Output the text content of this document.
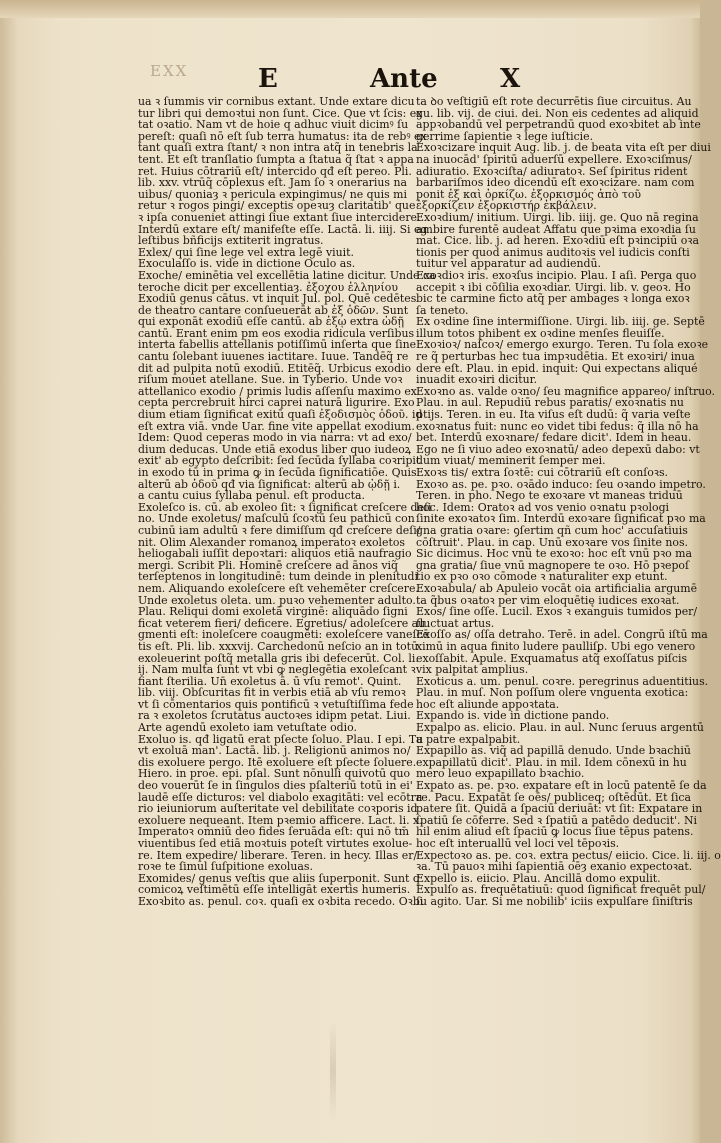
EXX	E	Ante X
ua ꝛ ſummis vir cornibus extant. Unde extare dicu
tur libri qui demoꝛtui non ſunt. Cice. Que vt ſcis: ex
tat oꝛatio. Nam vt de hoie q adhuc viuit dicimꝰ ſu
pereſt: quaſi nō eſt ſub terra humatus: ita de rebꝰ ex
tant quaſi extra ſtant/ ꝛ non intra atq̃ in tenebris la
tent. Et eſt tranſlatio ſumpta a ſtatua q̃ ſtat ꝛ appa
ret. Huius cōtrariū eſt/ intercido qđ eſt pereo. Pli.
lib. xxv. vtrūq̃ cōplexus eſt. Jam ſo ꝛ onerarius na
uibus/ quoniaȝ ꝛ pericula expingimus/ ne quis mi
retur ꝛ rogos pingi/ exceptis opeꝛuȝ claritatib' que
ꝛ ipſa conueniet attingi ſiue extant ſiue intercidere.
Interdū extare eſt/ manifeſte eſſe. Lactā. li. iiij. Si eg
leſtibus bñficijs extiterit ingratus.
Exlex/ qui ſine lege vel extra legē viuit.
Exoculaſſo is. vide in dictione Oculo as.
Exoche/ eminētia vel excellētia latine dicitur. Unde ca
teroche dicit per excellentiaȝ. ἐξοχου ἐλληνίου
Exodiū genus cātus. vt inquit Jul. pol. Quē cedētes
de theatro cantare conſueuerāt ab ἐξ ὁδῶν. Sunt
qui exponāt exodiū eſſe cantū. ab ἐξῳ extra ὠδῇ
cantū. Erant enim pm eos exodia ridicula verſibus
interta fabellis attellanis potiſſimū inſerta que ſine
cantu ſolebant iuuenes iactitare. Iuue. Tandēq̃ re
dit ad pulpita notū exodiū. Etitēq̃. Urbicus exodio
riſum mouet atellane. Sue. in Tyberio. Unde voꝛ
attellanico exodio / primis ludis aſſenſu maximo ex
cepta percrebruit hirci caprei naturā ligurire. Exo
dium etiam ſignificat exitū quaſi ἐξοδισμὸς ὁδοῦ. id
eſt extra viā. vnde Uar. fine vite appellat exodium.
Idem: Quod ceperas modo in via narra: vt ad exo/
dium deducas. Unde etiā exodus liber quo iudeoꝝ
exit' ab egypto deſcribit: ſed ſecūda ſyllaba coꝛripit
in exodo tū in prima ꝙ in ſecūda ſignificatiōe. Quis
alterū ab ὁδοῦ qđ via ſignificat: alterū ab ᾠδῇ i.
a cantu cuius ſyllaba penul. eſt producta.
Exoleſco is. cū. ab exoleo ſit: ꝛ ſignificat creſcere deſi
no. Unde exoletus/ maſculū ſcoꝛtū ſeu pathicū con
cubinū iam adultū ꝛ fere dimiſſum qđ creſcere deſi/
nit. Olim Alexander romanoꝝ imperatoꝛ exoletos
heliogabali iuſſit depoꝛtari: aliquos etiā naufragio
mergi. Scribit Pli. Hominē creſcere ad ānos viq̃
terſeptenos in longitudinē: tum deinde in plenitudi
nem. Aliquando exoleſcere eſt vehemēter creſcere.
Unde exoletus oleta. um. puꝛo vehementer adulto.
Plau. Reliqui domi exoletā virginē: aliquādo ſigni
ficat veterem fieri/ deficere. Egretius/ adoleſcere au
gmenti eſt: inoleſcere coaugmēti: exoleſcere vaneſcē
tis eſt. Pli. lib. xxxvij. Carchedonū neſcio an in totū
exoleuerint poſtq̃ metalla gris ibi defecerūt. Col. li.
ij. Nam multa ſunt vt vbi ꝙ neglegētia exoleſcant ꝛ
fiant ſterilia. Un̄ exoletus ā. ū vſu remot'. Quint.
lib. viij. Obſcuritas fit in verbis etiā ab vſu remoꝛ
vt ſi cōmentarios quis pontificū ꝛ vetuſtiſſima fede
ra ꝛ exoletos ſcrutatus auctoꝛes idipm petat. Liui.
Arte agendū exoleto iam vetuſtate odio.
Exoluo is. qđ ligatū erat pſecte ſoluo. Plau. I epi. Tu
vt exoluā man'. Lactā. lib. j. Religionū animos no/
dis exoluere pergo. Itē exoluere eſt pſecte ſoluere.
Hiero. in proe. epi. pſal. Sunt nōnulli quivotū quo
deo vouerūt ſe in ſingulos dies pſalteriū totū in ei'
laudē eſſe dicturos: vel diabolo exagitāti: vel ecōtra
rio ieiuniorum auſteritate vel debilitate coꝛporis id
exoluere nequeant. Item pꝛemio afficere. Lact. li. x.
Imperatoꝛ omniū deo fides ſeruāda eſt: qui nō tm̄
viuentibus ſed etiā moꝛtuis poteſt virtutes exolue-
re. Item expedire/ liberare. Teren. in hecy. Illas er/
roꝛe te ſimul ſuſpitione exoluas.
Exomides/ genus veſtis que aliis ſuperponit. Sunt q
comicoꝝ veſtimētū eſſe intelligāt exertis humeris.
Exoꝛbito as. penul. coꝛ. quaſi ex oꝛbita recedo. Oꝛbi
ta ꝺo veſtigiū eſt rote decurrētis ſiue circuitus. Au
gu. lib. vij. de ciui. dei. Non eis cedentes ad aliquid
appꝛobandū vel perpetrandū quod exoꝛbitet ab inte
gerrime ſapientie ꝛ lege iuſticie.
Exoꝛcizare inquit Aug. lib. j. de beata vita eſt per diui
na inuocād' ſpiritū aduerſū expellere. Exoꝛciſmus/
adiuratio. Exoꝛciſta/ adiuratoꝛ. Seſ ſpiritus rident
barbariſmos ideo dicendū eſt exoꝛcizare. nam com
ponit ἐξ καὶ ὀρκίζω. ἐξορκισμός ἀπὸ τοῦ
ἐξορκίζειν ἐξορκιστήρ ἐκβάλειν.
Exoꝛdium/ initium. Uirgi. lib. iiij. ge. Quo nā regina
ambire furentē audeat Affatu que pꝛima exoꝛdia ſu
mat. Cice. lib. j. ad heren. Exoꝛdiū eſt pꝛincipiū oꝛa
tionis per quod animus auditoꝛis vel iudicis conſti
tuitur vel apparatur ad audiendū.
Exoꝛdioꝛ iris. exoꝛſus incipio. Plau. I aſi. Perga quo
accepit ꝛ ibi cōſilia exoꝛdiar. Uirgi. lib. v. geoꝛ. Ho
bic te carmine ficto atq̃ per ambages ꝛ longa exoꝛ
ſa teneto.
Ex oꝛdine ſine intermiſſione. Uirgi. lib. iiij. ge. Septē
illum totos phibent ex oꝛdine menſes fleuiſſe.
Exoꝛioꝛ/ naſcoꝛ/ emergo exurgo. Teren. Tu ſola exoꝛe
re q̃ perturbas hec tua impꝛudētia. Et exoꝛiri/ inua
dere eſt. Plau. in epid. inquit: Qui expectans aliqué
inuadit exoꝛiri dicitur.
Exoꝛno as. valde oꝛno/ ſeu magnifice appareo/ inſtruo.
Plau. in aul. Repudiū rebus paratis/ exoꝛnatis nu
ptijs. Teren. in eu. Ita viſus eſt dudū: q̃ varia veſte
exoꝛnatus fuit: nunc eo videt tibi fedus: q̃ illa nō ha
bet. Interdū exoꝛnare/ fedare dicit'. Idem in heau.
Ego ne ſi viuo adeo exoꝛnatū/ adeo depexū dabo: vt
dum viuat/ meminerit ſemper mei.
Exoꝛs tis/ extra ſoꝛtē: cui cōtrariū eſt conſoꝛs.
Exoꝛo as. pe. pꝛo. oꝛādo induco: ſeu oꝛando impetro.
Teren. in pho. Nego te exoꝛare vt maneas triduū
hoc. Idem: Oratoꝛ ad vos venio oꝛnatu pꝛologi
ſinite exoꝛatoꝛ ſim. Interdū exoꝛare ſignificat pꝛo ma
gna gratia oꝛare: ꝯſertim qñ cum hoc' accuſatiuis
cōſtruit'. Plau. in cap. Unū exoꝛare vos ſinite nos.
Sic dicimus. Hoc vnū te exoꝛo: hoc eſt vnū pꝛo ma
gna gratia/ ſiue vnū magnopere te oꝛo. Hō pꝛepoſ
tio ex pꝛo oꝛo cōmode ꝛ naturaliter exp etunt.
Exoꝛabula/ ab Apuleio vocāt oia artificialia argumē
ta q̃bus oꝛatoꝛ per vim eloquētię iudices exoꝛat.
Exos/ ſine oſſe. Lucil. Exos ꝛ exanguis tumidos per/
fluctuat artus.
Exoſſo as/ oſſa detraho. Terē. in adel. Congrū iſtū ma
ximū in aqua finito ludere paulliſꝑ. Ubi ego venero
exoſſabit. Apule. Exquamatus atq̃ exoſſatus piſcis
vix palpitat amplius.
Exoticus a. um. penul. coꝛre. peregrinus aduentitius.
Plau. in muſ. Non poſſum olere vnguenta exotica:
hoc eſt aliunde appoꝛtata.
Expando is. vide in dictione pando.
Expalpo as. elicio. Plau. in aul. Nunc ſeruus argentū
a patre expalpabit.
Expapillo as. viq̃ ad papillā denudo. Unde bꝛachiū
expapillatū dicit'. Plau. in mil. Idem cōnexū in hu
mero leuo expapillato bꝛachio.
Expato as. pe. pꝛo. expatare eſt in locū patentē ſe da
re. Pacu. Expatāt ſe oēs/ publiceq; oſtēdūt. Et ſica
patere ſit. Quidā a ſpaciū deriuāt: vt ſit: Expatare in
ſpatiū ſe cōferre. Sed ꝛ ſpatiū a patēdo deducit'. Ni
hil enim aliud eſt ſpaciū ꝙ locus ſiue tēpus patens.
hoc eſt interuallū vel loci vel tēpoꝛis.
Expectoꝛo as. pe. coꝛ. extra pectus/ eiicio. Cice. li. iij. o
ꝛa. Tū pauoꝛ mihi ſapientiā oēȝ exanio expectoꝛat.
Expello is. eiicio. Plau. Ancillā domo expulit.
Expulſo as. frequētatiuū: quod ſignificat frequēt pul/
ſu agito. Uar. Si me nobilib' iciis expulſare ſiniſtris
